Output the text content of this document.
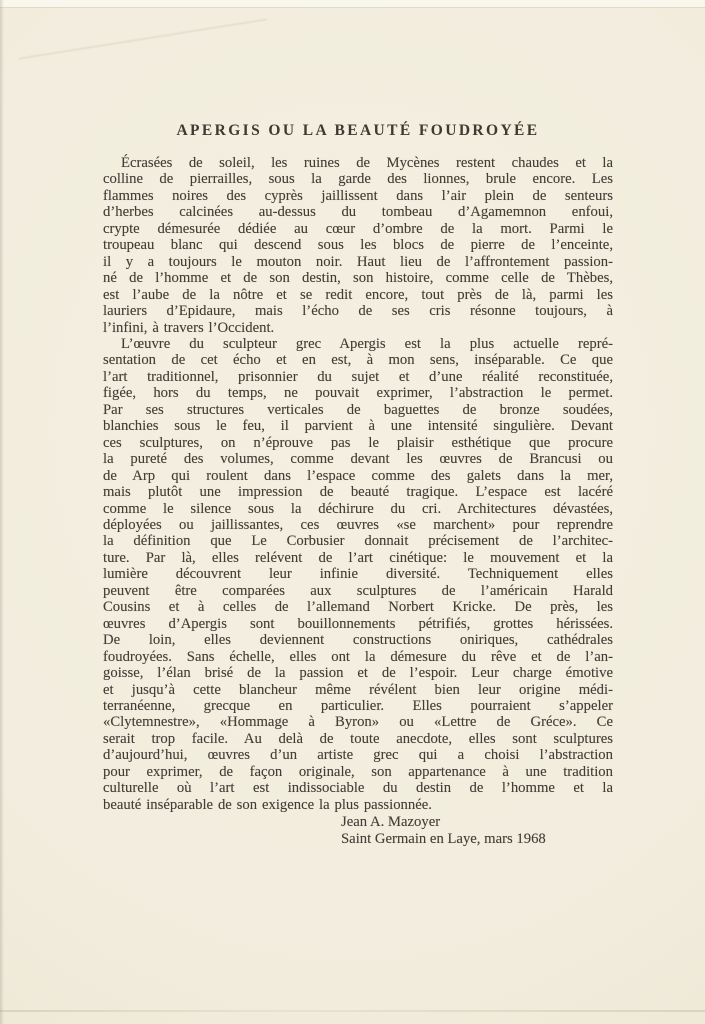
APERGIS OU LA BEAUTÉ FOUDROYÉE
Écrasées de soleil, les ruines de Mycènes restent chaudes et la
colline de pierrailles, sous la garde des lionnes, brule encore. Les
flammes noires des cyprès jaillissent dans l’air plein de senteurs
d’herbes calcinées au-dessus du tombeau d’Agamemnon enfoui,
crypte démesurée dédiée au cœur d’ombre de la mort. Parmi le
troupeau blanc qui descend sous les blocs de pierre de l’enceinte,
il y a toujours le mouton noir. Haut lieu de l’affrontement passion-
né de l’homme et de son destin, son histoire, comme celle de Thèbes,
est l’aube de la nôtre et se redit encore, tout près de là, parmi les
lauriers d’Epidaure, mais l’écho de ses cris résonne toujours, à
l’infini, à travers l’Occident.
L’œuvre du sculpteur grec Apergis est la plus actuelle repré-
sentation de cet écho et en est, à mon sens, inséparable. Ce que
l’art traditionnel, prisonnier du sujet et d’une réalité reconstituée,
figée, hors du temps, ne pouvait exprimer, l’abstraction le permet.
Par ses structures verticales de baguettes de bronze soudées,
blanchies sous le feu, il parvient à une intensité singulière. Devant
ces sculptures, on n’éprouve pas le plaisir esthétique que procure
la pureté des volumes, comme devant les œuvres de Brancusi ou
de Arp qui roulent dans l’espace comme des galets dans la mer,
mais plutôt une impression de beauté tragique. L’espace est lacéré
comme le silence sous la déchirure du cri. Architectures dévastées,
déployées ou jaillissantes, ces œuvres «se marchent» pour reprendre
la définition que Le Corbusier donnait précisement de l’architec-
ture. Par là, elles relévent de l’art cinétique: le mouvement et la
lumière découvrent leur infinie diversité. Techniquement elles
peuvent être comparées aux sculptures de l’américain Harald
Cousins et à celles de l’allemand Norbert Kricke. De près, les
œuvres d’Apergis sont bouillonnements pétrifiés, grottes hérissées.
De loin, elles deviennent constructions oniriques, cathédrales
foudroyées. Sans échelle, elles ont la démesure du rêve et de l’an-
goisse, l’élan brisé de la passion et de l’espoir. Leur charge émotive
et jusqu’à cette blancheur même révélent bien leur origine médi-
terranéenne, grecque en particulier. Elles pourraient s’appeler
«Clytemnestre», «Hommage à Byron» ou «Lettre de Gréce». Ce
serait trop facile. Au delà de toute anecdote, elles sont sculptures
d’aujourd’hui, œuvres d’un artiste grec qui a choisi l’abstraction
pour exprimer, de façon originale, son appartenance à une tradition
culturelle où l’art est indissociable du destin de l’homme et la
beauté inséparable de son exigence la plus passionnée.
Jean A. Mazoyer
Saint Germain en Laye, mars 1968
